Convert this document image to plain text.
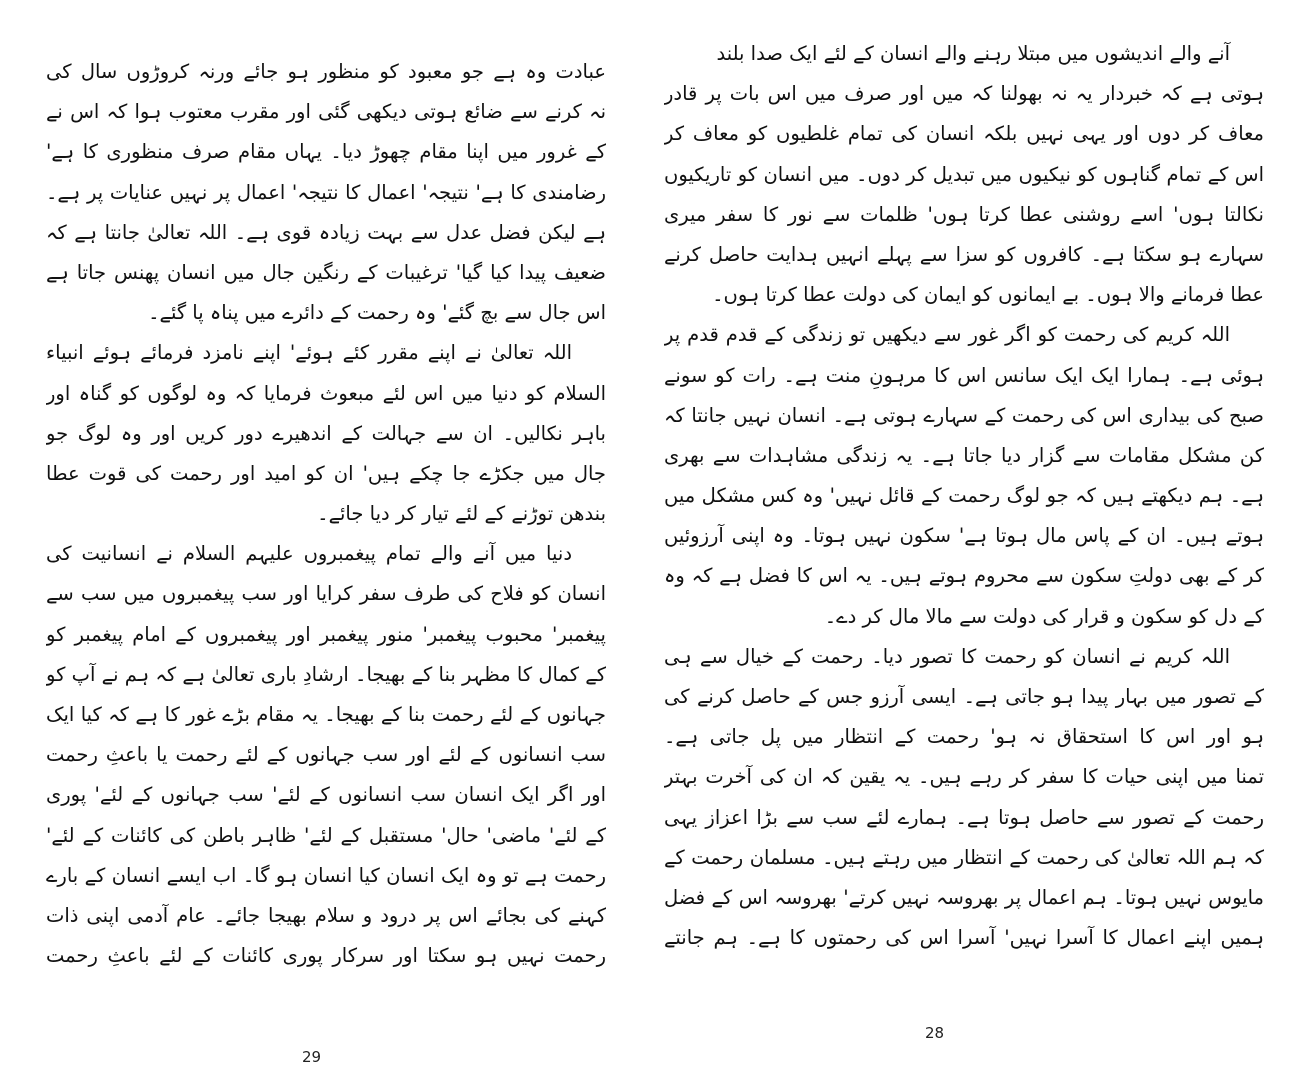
عبادت وہ ہے جو معبود کو منظور ہو جائے ورنہ کروڑوں سال کی
نہ کرنے سے ضائع ہوتی دیکھی گئی اور مقرب معتوب ہوا کہ اس نے
کے غرور میں اپنا مقام چھوڑ دیا۔ یہاں مقام صرف منظوری کا ہے'
رضامندی کا ہے' نتیجہ' اعمال کا نتیجہ' اعمال پر نہیں عنایات پر ہے۔
ہے لیکن فضل عدل سے بہت زیادہ قوی ہے۔ اللہ تعالیٰ جانتا ہے کہ
ضعیف پیدا کیا گیا' ترغیبات کے رنگین جال میں انسان پھنس جاتا ہے
اس جال سے بچ گئے' وہ رحمت کے دائرے میں پناہ پا گئے۔
اللہ تعالیٰ نے اپنے مقرر کئے ہوئے' اپنے نامزد فرمائے ہوئے انبیاء
السلام کو دنیا میں اس لئے مبعوث فرمایا کہ وہ لوگوں کو گناہ اور
باہر نکالیں۔ ان سے جہالت کے اندھیرے دور کریں اور وہ لوگ جو
جال میں جکڑے جا چکے ہیں' ان کو امید اور رحمت کی قوت عطا
بندھن توڑنے کے لئے تیار کر دیا جائے۔
دنیا میں آنے والے تمام پیغمبروں علیہم السلام نے انسانیت کی
انسان کو فلاح کی طرف سفر کرایا اور سب پیغمبروں میں سب سے
پیغمبر' محبوب پیغمبر' منور پیغمبر اور پیغمبروں کے امام پیغمبر کو
کے کمال کا مظہر بنا کے بھیجا۔ ارشادِ باری تعالیٰ ہے کہ ہم نے آپ کو
جہانوں کے لئے رحمت بنا کے بھیجا۔ یہ مقام بڑے غور کا ہے کہ کیا ایک
سب انسانوں کے لئے اور سب جہانوں کے لئے رحمت یا باعثِ رحمت
اور اگر ایک انسان سب انسانوں کے لئے' سب جہانوں کے لئے' پوری
کے لئے' ماضی' حال' مستقبل کے لئے' ظاہر باطن کی کائنات کے لئے'
رحمت ہے تو وہ ایک انسان کیا انسان ہو گا۔ اب ایسے انسان کے بارے
کہنے کی بجائے اس پر درود و سلام بھیجا جائے۔ عام آدمی اپنی ذات
رحمت نہیں ہو سکتا اور سرکار پوری کائنات کے لئے باعثِ رحمت
29
آنے والے اندیشوں میں مبتلا رہنے والے انسان کے لئے ایک صدا بلند
ہوتی ہے کہ خبردار یہ نہ بھولنا کہ میں اور صرف میں اس بات پر قادر
معاف کر دوں اور یہی نہیں بلکہ انسان کی تمام غلطیوں کو معاف کر
اس کے تمام گناہوں کو نیکیوں میں تبدیل کر دوں۔ میں انسان کو تاریکیوں
نکالتا ہوں' اسے روشنی عطا کرتا ہوں' ظلمات سے نور کا سفر میری
سہارے ہو سکتا ہے۔ کافروں کو سزا سے پہلے انہیں ہدایت حاصل کرنے
عطا فرمانے والا ہوں۔ بے ایمانوں کو ایمان کی دولت عطا کرتا ہوں۔
اللہ کریم کی رحمت کو اگر غور سے دیکھیں تو زندگی کے قدم قدم پر
ہوئی ہے۔ ہمارا ایک ایک سانس اس کا مرہونِ منت ہے۔ رات کو سونے
صبح کی بیداری اس کی رحمت کے سہارے ہوتی ہے۔ انسان نہیں جانتا کہ
کن مشکل مقامات سے گزار دیا جاتا ہے۔ یہ زندگی مشاہدات سے بھری
ہے۔ ہم دیکھتے ہیں کہ جو لوگ رحمت کے قائل نہیں' وہ کس مشکل میں
ہوتے ہیں۔ ان کے پاس مال ہوتا ہے' سکون نہیں ہوتا۔ وہ اپنی آرزوئیں
کر کے بھی دولتِ سکون سے محروم ہوتے ہیں۔ یہ اس کا فضل ہے کہ وہ
کے دل کو سکون و قرار کی دولت سے مالا مال کر دے۔
اللہ کریم نے انسان کو رحمت کا تصور دیا۔ رحمت کے خیال سے ہی
کے تصور میں بہار پیدا ہو جاتی ہے۔ ایسی آرزو جس کے حاصل کرنے کی
ہو اور اس کا استحقاق نہ ہو' رحمت کے انتظار میں پل جاتی ہے۔
تمنا میں اپنی حیات کا سفر کر رہے ہیں۔ یہ یقین کہ ان کی آخرت بہتر
رحمت کے تصور سے حاصل ہوتا ہے۔ ہمارے لئے سب سے بڑا اعزاز یہی
کہ ہم اللہ تعالیٰ کی رحمت کے انتظار میں رہتے ہیں۔ مسلمان رحمت کے
مایوس نہیں ہوتا۔ ہم اعمال پر بھروسہ نہیں کرتے' بھروسہ اس کے فضل
ہمیں اپنے اعمال کا آسرا نہیں' آسرا اس کی رحمتوں کا ہے۔ ہم جانتے
28
